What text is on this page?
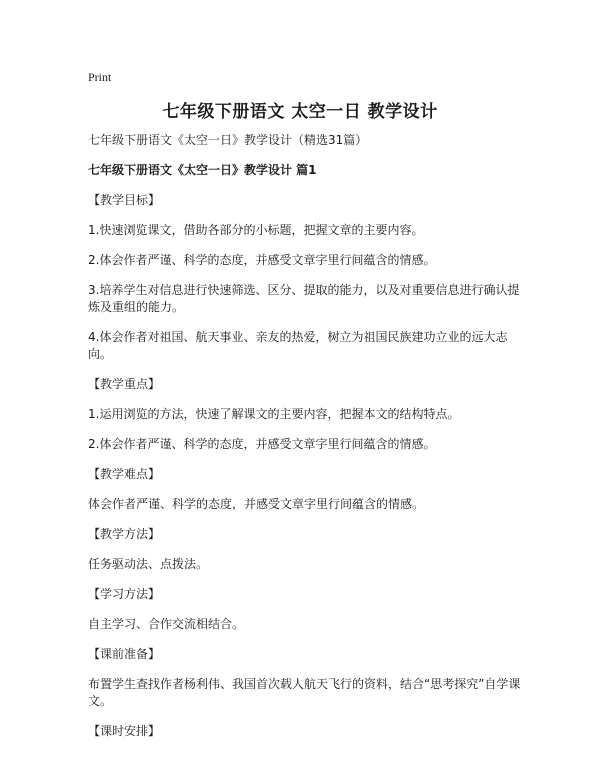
Print
七年级下册语文 太空一日 教学设计

七年级下册语文《太空一日》教学设计（精选31篇）

七年级下册语文《太空一日》教学设计 篇1

【教学目标】

1.快速浏览课文，借助各部分的小标题，把握文章的主要内容。

2.体会作者严谨、科学的态度，并感受文章字里行间蕴含的情感。

3.培养学生对信息进行快速筛选、区分、提取的能力，以及对重要信息进行确认提炼及重组的能力。

4.体会作者对祖国、航天事业、亲友的热爱，树立为祖国民族建功立业的远大志向。

【教学重点】

1.运用浏览的方法，快速了解课文的主要内容，把握本文的结构特点。

2.体会作者严谨、科学的态度，并感受文章字里行间蕴含的情感。

【教学难点】

体会作者严谨、科学的态度，并感受文章字里行间蕴含的情感。

【教学方法】

任务驱动法、点拨法。

【学习方法】

自主学习、合作交流相结合。

【课前准备】

布置学生查找作者杨利伟、我国首次载人航天飞行的资料，结合“思考探究”自学课文。

【课时安排】
